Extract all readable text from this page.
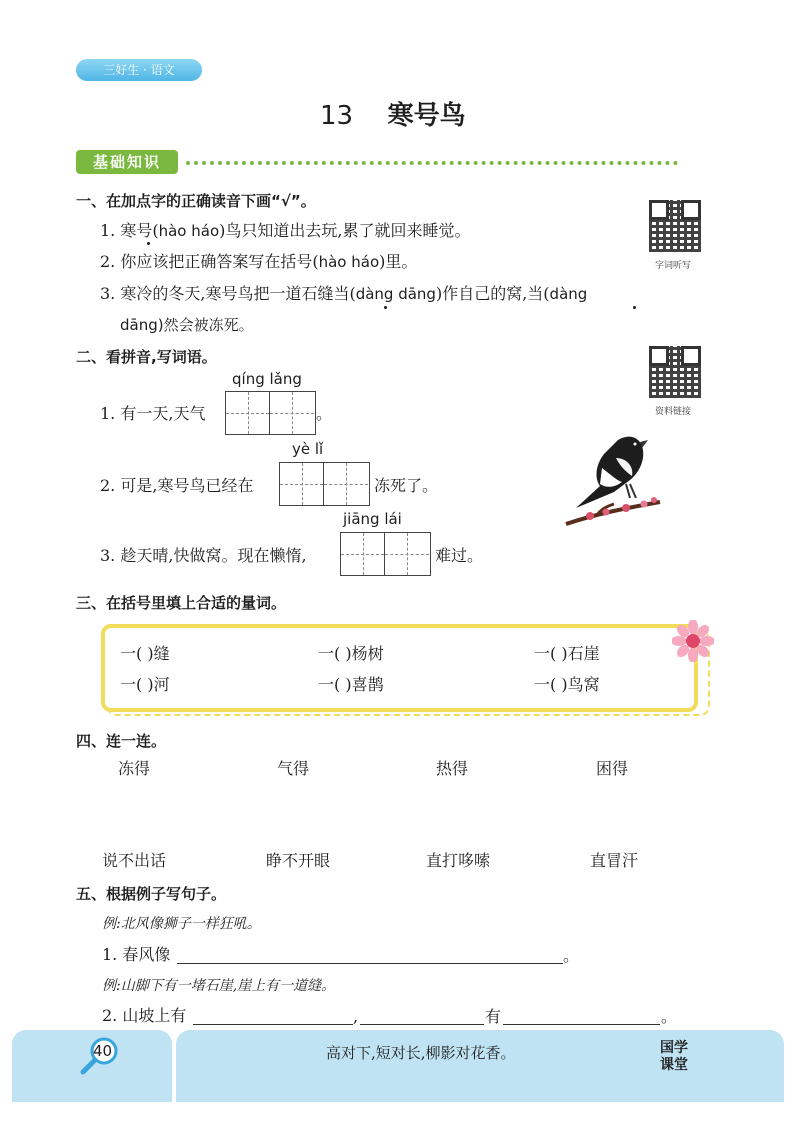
三好生 · 语文
13 寒号鸟
基础知识
字词听写
资料链接
一、在加点字的正确读音下画“√”。
1. 寒号(hào háo)鸟只知道出去玩,累了就回来睡觉。
2. 你应该把正确答案写在括号(hào háo)里。
3. 寒冷的冬天,寒号鸟把一道石缝当(dàng dāng)作自己的窝,当(dàng
dāng)然会被冻死。
二、看拼音,写词语。
qíng lǎng
1. 有一天,天气	。
yè lǐ
2. 可是,寒号鸟已经在	冻死了。
jiāng lái
3. 趁天晴,快做窝。现在懒惰,	难过。
三、在括号里填上合适的量词。
一( )缝	一( )杨树	一( )石崖
一( )河	一( )喜鹊	一( )鸟窝
四、连一连。
冻得	气得	热得	困得
说不出话	睁不开眼	直打哆嗦	直冒汗
五、根据例子写句子。
例:北风像狮子一样狂吼。
1. 春风像	。
例:山脚下有一堵石崖,崖上有一道缝。
2. 山坡上有	,	有	。
40	高对下,短对长,柳影对花香。	国学课堂
